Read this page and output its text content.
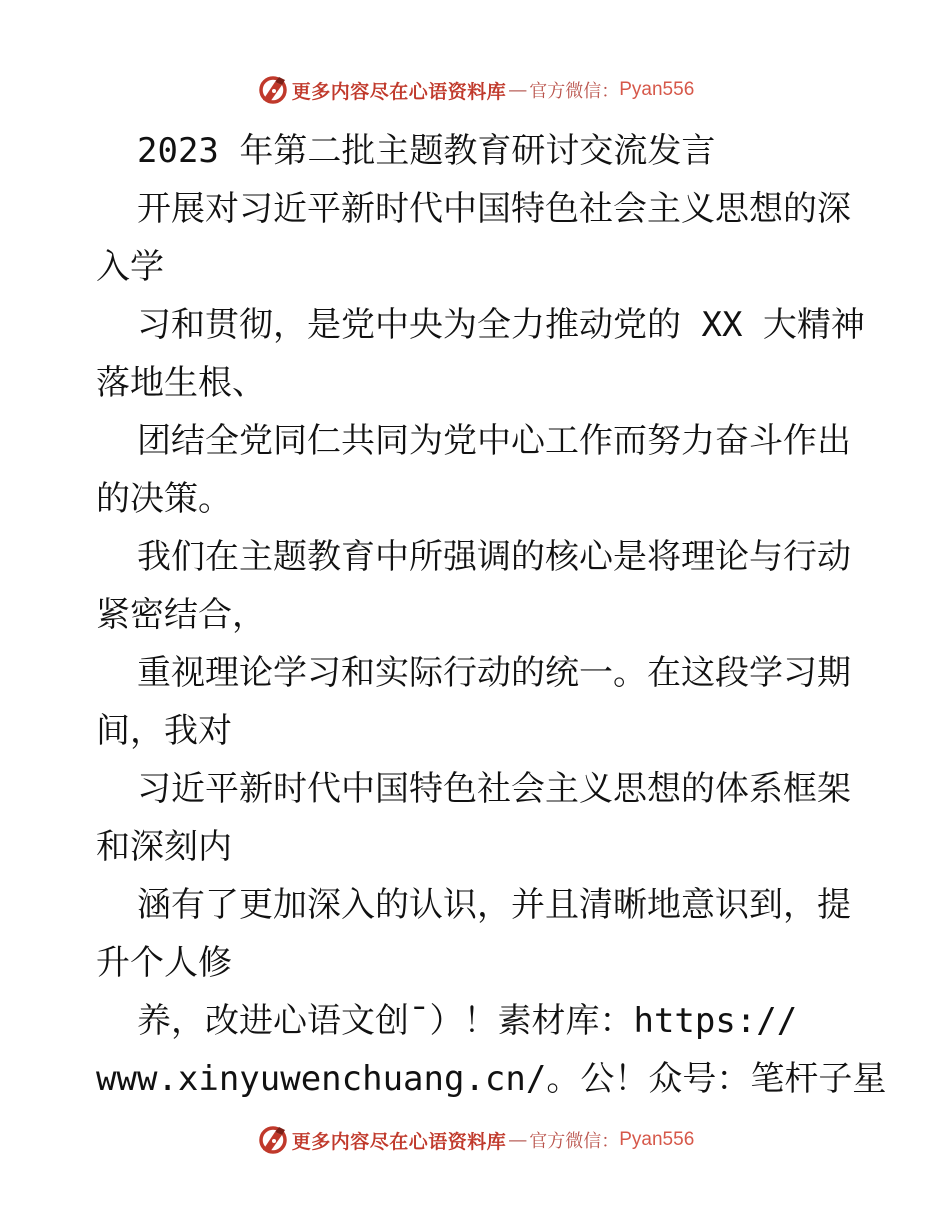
更多内容尽在心语资料库 — 官方微信： Pyan556
2023 年第二批主题教育研讨交流发言
开展对习近平新时代中国特色社会主义思想的深
入学
习和贯彻，是党中央为全力推动党的 XX 大精神
落地生根、
团结全党同仁共同为党中心工作而努力奋斗作出
的决策。
我们在主题教育中所强调的核心是将理论与行动
紧密结合，
重视理论学习和实际行动的统一。在这段学习期
间，我对
习近平新时代中国特色社会主义思想的体系框架
和深刻内
涵有了更加深入的认识，并且清晰地意识到，提
升个人修
养，改进心语文创¯）！素材库：https://
www.xinyuwenchuang.cn/。公！众号：笔杆子星
更多内容尽在心语资料库 — 官方微信： Pyan556
